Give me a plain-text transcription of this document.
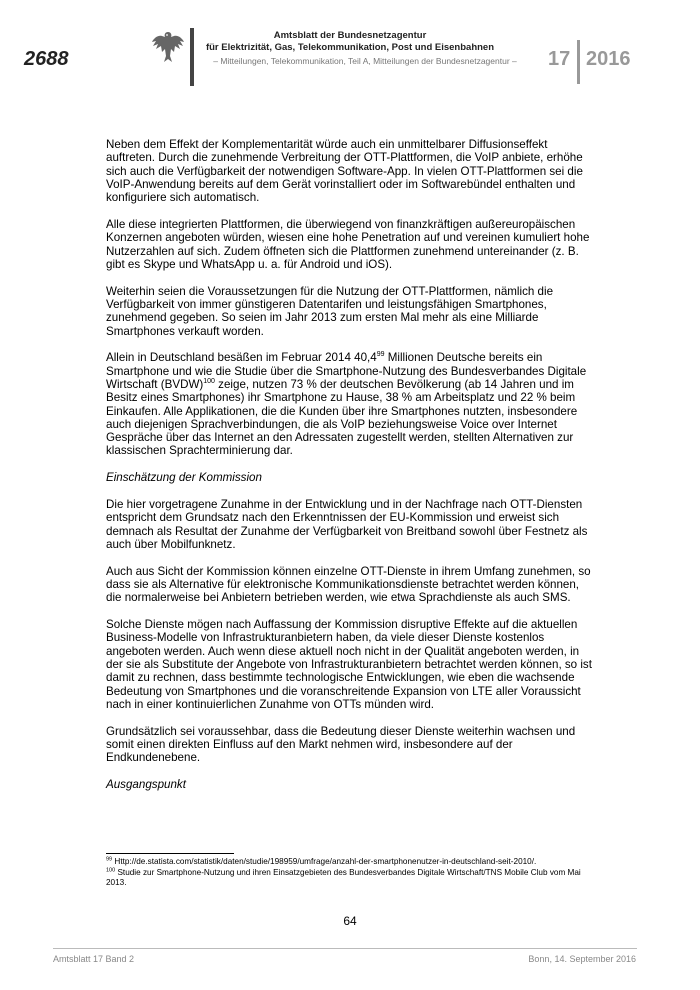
2688
Amtsblatt der Bundesnetzagentur
für Elektrizität, Gas, Telekommunikation, Post und Eisenbahnen
– Mitteilungen, Telekommunikation, Teil A, Mitteilungen der Bundesnetzagentur –	17 2016

Neben dem Effekt der Komplementarität würde auch ein unmittelbarer Diffusionseffekt auftreten. Durch die zunehmende Verbreitung der OTT-Plattformen, die VoIP anbiete, erhöhe sich auch die Verfügbarkeit der notwendigen Software-App. In vielen OTT-Plattformen sei die VoIP-Anwendung bereits auf dem Gerät vorinstalliert oder im Softwarebündel enthalten und konfiguriere sich automatisch.

Alle diese integrierten Plattformen, die überwiegend von finanzkräftigen außereuropäischen Konzernen angeboten würden, wiesen eine hohe Penetration auf und vereinen kumuliert hohe Nutzerzahlen auf sich. Zudem öffneten sich die Plattformen zunehmend untereinander (z. B. gibt es Skype und WhatsApp u. a. für Android und iOS).

Weiterhin seien die Voraussetzungen für die Nutzung der OTT-Plattformen, nämlich die Verfügbarkeit von immer günstigeren Datentarifen und leistungsfähigen Smartphones, zunehmend gegeben. So seien im Jahr 2013 zum ersten Mal mehr als eine Milliarde Smartphones verkauft worden.

Allein in Deutschland besäßen im Februar 2014 40,4$^{99}$ Millionen Deutsche bereits ein Smartphone und wie die Studie über die Smartphone-Nutzung des Bundesverbandes Digitale Wirtschaft (BVDW)$^{100}$ zeige, nutzen 73 % der deutschen Bevölkerung (ab 14 Jahren und im Besitz eines Smartphones) ihr Smartphone zu Hause, 38 % am Arbeitsplatz und 22 % beim Einkaufen. Alle Applikationen, die die Kunden über ihre Smartphones nutzten, insbesondere auch diejenigen Sprachverbindungen, die als VoIP beziehungsweise Voice over Internet Gespräche über das Internet an den Adressaten zugestellt werden, stellten Alternativen zur klassischen Sprachterminierung dar.

Einschätzung der Kommission

Die hier vorgetragene Zunahme in der Entwicklung und in der Nachfrage nach OTT-Diensten entspricht dem Grundsatz nach den Erkenntnissen der EU-Kommission und erweist sich demnach als Resultat der Zunahme der Verfügbarkeit von Breitband sowohl über Festnetz als auch über Mobilfunknetz.

Auch aus Sicht der Kommission können einzelne OTT-Dienste in ihrem Umfang zunehmen, so dass sie als Alternative für elektronische Kommunikationsdienste betrachtet werden können, die normalerweise bei Anbietern betrieben werden, wie etwa Sprachdienste als auch SMS.

Solche Dienste mögen nach Auffassung der Kommission disruptive Effekte auf die aktuellen Business-Modelle von Infrastrukturanbietern haben, da viele dieser Dienste kostenlos angeboten werden. Auch wenn diese aktuell noch nicht in der Qualität angeboten werden, in der sie als Substitute der Angebote von Infrastrukturanbietern betrachtet werden können, so ist damit zu rechnen, dass bestimmte technologische Entwicklungen, wie eben die wachsende Bedeutung von Smartphones und die voranschreitende Expansion von LTE aller Voraussicht nach in einer kontinuierlichen Zunahme von OTTs münden wird.

Grundsätzlich sei voraussehbar, dass die Bedeutung dieser Dienste weiterhin wachsen und somit einen direkten Einfluss auf den Markt nehmen wird, insbesondere auf der Endkundenebene.

Ausgangspunkt

$^{99}$ Http://de.statista.com/statistik/daten/studie/198959/umfrage/anzahl-der-smartphonenutzer-in-deutschland-seit-2010/.

$^{100}$ Studie zur Smartphone-Nutzung und ihren Einsatzgebieten des Bundesverbandes Digitale Wirtschaft/TNS Mobile Club vom Mai 2013.

64
Amtsblatt 17 Band 2	Bonn, 14. September 2016
